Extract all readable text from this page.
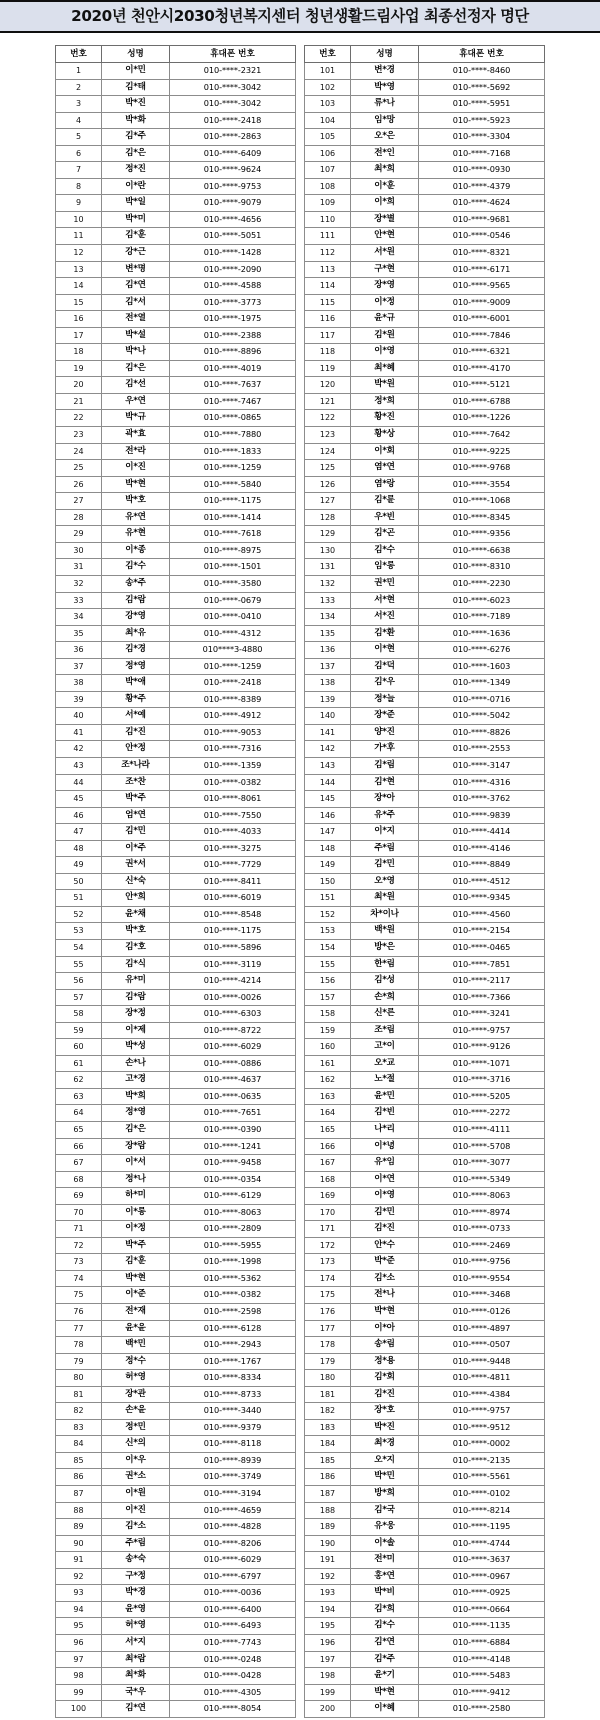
2020년 천안시2030청년복지센터 청년생활드림사업 최종선정자 명단
번호	성명	휴대폰 번호
1	이*민	010-****-2321
2	김*태	010-****-3042
3	박*진	010-****-3042
4	박*화	010-****-2418
5	김*주	010-****-2863
6	김*은	010-****-6409
7	정*진	010-****-9624
8	이*란	010-****-9753
9	박*일	010-****-9079
10	박*미	010-****-4656
11	김*훈	010-****-5051
12	강*근	010-****-1428
13	변*명	010-****-2090
14	김*연	010-****-4588
15	김*서	010-****-3773
16	전*열	010-****-1975
17	박*설	010-****-2388
18	박*나	010-****-8896
19	김*은	010-****-4019
20	김*선	010-****-7637
21	우*연	010-****-7467
22	박*규	010-****-0865
23	곽*효	010-****-7880
24	전*라	010-****-1833
25	이*진	010-****-1259
26	박*현	010-****-5840
27	박*호	010-****-1175
28	유*연	010-****-1414
29	유*현	010-****-7618
30	이*종	010-****-8975
31	김*수	010-****-1501
32	송*주	010-****-3580
33	김*람	010-****-0679
34	강*영	010-****-0410
35	최*유	010-****-4312
36	김*경	010****3-4880
37	정*영	010-****-1259
38	박*애	010-****-2418
39	황*주	010-****-8389
40	서*예	010-****-4912
41	김*진	010-****-9053
42	안*정	010-****-7316
43	조*나라	010-****-1359
44	조*찬	010-****-0382
45	박*주	010-****-8061
46	엄*연	010-****-7550
47	김*민	010-****-4033
48	이*주	010-****-3275
49	권*서	010-****-7729
50	신*숙	010-****-8411
51	안*희	010-****-6019
52	윤*채	010-****-8548
53	박*호	010-****-1175
54	김*호	010-****-5896
55	김*식	010-****-3119
56	유*미	010-****-4214
57	김*람	010-****-0026
58	장*정	010-****-6303
59	이*제	010-****-8722
60	박*성	010-****-6029
61	손*나	010-****-0886
62	고*경	010-****-4637
63	박*희	010-****-0635
64	정*영	010-****-7651
65	김*은	010-****-0390
66	장*람	010-****-1241
67	이*서	010-****-9458
68	정*나	010-****-0354
69	하*미	010-****-6129
70	이*롱	010-****-8063
71	이*정	010-****-2809
72	박*주	010-****-5955
73	김*훈	010-****-1998
74	박*현	010-****-5362
75	이*준	010-****-0382
76	전*재	010-****-2598
77	윤*윤	010-****-6128
78	백*민	010-****-2943
79	정*수	010-****-1767
80	허*영	010-****-8334
81	장*관	010-****-8733
82	손*윤	010-****-3440
83	정*민	010-****-9379
84	신*의	010-****-8118
85	이*우	010-****-8939
86	권*소	010-****-3749
87	이*원	010-****-3194
88	이*진	010-****-4659
89	김*소	010-****-4828
90	주*림	010-****-8206
91	송*숙	010-****-6029
92	구*정	010-****-6797
93	박*경	010-****-0036
94	윤*영	010-****-6400
95	허*영	010-****-6493
96	서*지	010-****-7743
97	최*람	010-****-0248
98	최*화	010-****-0428
99	국*우	010-****-4305
100	김*연	010-****-8054
번호	성명	휴대폰 번호
101	변*경	010-****-8460
102	박*영	010-****-5692
103	류*나	010-****-5951
104	임*망	010-****-5923
105	오*은	010-****-3304
106	전*인	010-****-7168
107	최*희	010-****-0930
108	이*훈	010-****-4379
109	이*희	010-****-4624
110	장*별	010-****-9681
111	안*현	010-****-0546
112	서*원	010-****-8321
113	구*현	010-****-6171
114	장*영	010-****-9565
115	이*정	010-****-9009
116	윤*규	010-****-6001
117	김*원	010-****-7846
118	이*영	010-****-6321
119	최*혜	010-****-4170
120	박*원	010-****-5121
121	정*희	010-****-6788
122	황*진	010-****-1226
123	황*상	010-****-7642
124	이*회	010-****-9225
125	염*연	010-****-9768
126	염*랑	010-****-3554
127	김*륜	010-****-1068
128	우*빈	010-****-8345
129	김*곤	010-****-9356
130	김*수	010-****-6638
131	임*롱	010-****-8310
132	권*민	010-****-2230
133	서*현	010-****-6023
134	서*진	010-****-7189
135	김*환	010-****-1636
136	이*현	010-****-6276
137	김*덕	010-****-1603
138	김*우	010-****-1349
139	정*늘	010-****-0716
140	장*준	010-****-5042
141	양*진	010-****-8826
142	가*후	010-****-2553
143	김*림	010-****-3147
144	김*현	010-****-4316
145	장*아	010-****-3762
146	유*주	010-****-9839
147	이*지	010-****-4414
148	주*림	010-****-4146
149	김*민	010-****-8849
150	오*영	010-****-4512
151	최*원	010-****-9345
152	차*이나	010-****-4560
153	백*원	010-****-2154
154	방*은	010-****-0465
155	한*림	010-****-7851
156	김*성	010-****-2117
157	손*희	010-****-7366
158	신*른	010-****-3241
159	조*림	010-****-9757
160	고*이	010-****-9126
161	오*교	010-****-1071
162	노*절	010-****-3716
163	윤*민	010-****-5205
164	김*빈	010-****-2272
165	나*리	010-****-4111
166	이*녕	010-****-5708
167	유*임	010-****-3077
168	이*연	010-****-5349
169	이*영	010-****-8063
170	김*민	010-****-8974
171	김*진	010-****-0733
172	안*수	010-****-2469
173	박*준	010-****-9756
174	김*소	010-****-9554
175	전*나	010-****-3468
176	박*현	010-****-0126
177	이*아	010-****-4897
178	송*림	010-****-0507
179	정*용	010-****-9448
180	김*회	010-****-4811
181	김*진	010-****-4384
182	장*호	010-****-9757
183	박*진	010-****-9512
184	최*경	010-****-0002
185	오*지	010-****-2135
186	박*민	010-****-5561
187	방*희	010-****-0102
188	김*국	010-****-8214
189	유*웅	010-****-1195
190	이*솔	010-****-4744
191	전*미	010-****-3637
192	홍*연	010-****-0967
193	박*비	010-****-0925
194	김*희	010-****-0664
195	김*수	010-****-1135
196	김*연	010-****-6884
197	김*주	010-****-4148
198	윤*기	010-****-5483
199	박*현	010-****-9412
200	이*혜	010-****-2580
